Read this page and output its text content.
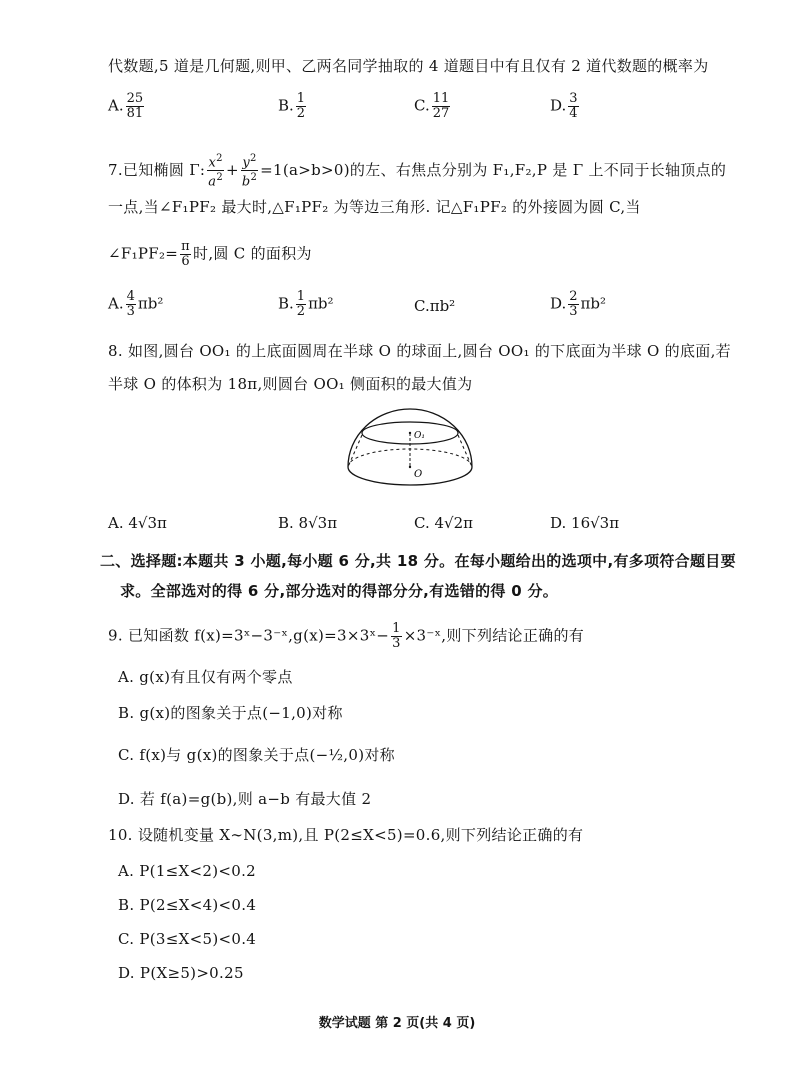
代数题,5 道是几何题,则甲、乙两名同学抽取的 4 道题目中有且仅有 2 道代数题的概率为
A. $\frac{25}{81}$	B. $\frac{1}{2}$	C. $\frac{11}{27}$	D. $\frac{3}{4}$
7.已知椭圆 Γ: $\frac{x^2}{a^2} + \frac{y^2}{b^2} =1(a>b>0)$的左、右焦点分别为 F₁,F₂,P 是 Γ 上不同于长轴顶点的
一点,当∠F₁PF₂ 最大时,△F₁PF₂ 为等边三角形. 记△F₁PF₂ 的外接圆为圆 C,当
∠F₁PF₂= $\frac{\pi}{6}$ 时,圆 C 的面积为
A. $\frac{4}{3} \pi b^2$	B. $\frac{1}{2} \pi b^2$	C.πb²	D. $\frac{2}{3} \pi b^2$
8. 如图,圆台 OO₁ 的上底面圆周在半球 O 的球面上,圆台 OO₁ 的下底面为半球 O 的底面,若
半球 O 的体积为 18π,则圆台 OO₁ 侧面积的最大值为
O₁
O
A. 4√3π	B. 8√3π	C. 4√2π	D. 16√3π
二、选择题:本题共 3 小题,每小题 6 分,共 18 分。在每小题给出的选项中,有多项符合题目要
求。全部选对的得 6 分,部分选对的得部分分,有选错的得 0 分。
9. 已知函数 f(x)=3ˣ−3⁻ˣ,g(x)=3×3ˣ− $\frac{1}{3}$ ×3⁻ˣ,则下列结论正确的有
A. g(x)有且仅有两个零点
B. g(x)的图象关于点(−1,0)对称
C. f(x)与 g(x)的图象关于点(−½,0)对称
D. 若 f(a)=g(b),则 a−b 有最大值 2
10. 设随机变量 X∼N(3,m),且 P(2≤X<5)=0.6,则下列结论正确的有
A. P(1≤X<2)<0.2
B. P(2≤X<4)<0.4
C. P(3≤X<5)<0.4
D. P(X≥5)>0.25
数学试题 第 2 页(共 4 页)
